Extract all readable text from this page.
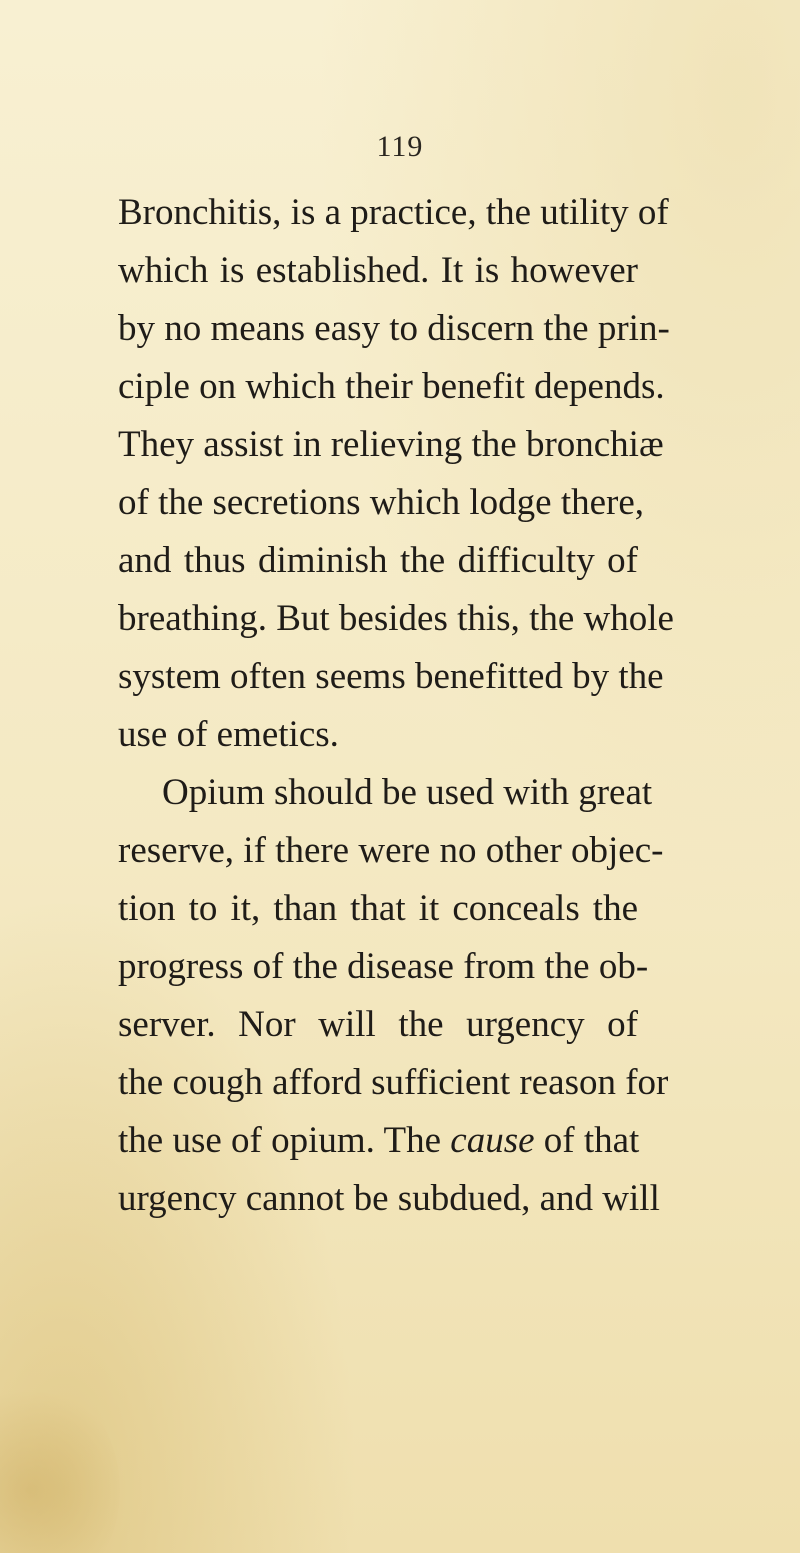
119
Bronchitis, is a practice, the utility of
which is established. It is however
by no means easy to discern the prin-
ciple on which their benefit depends.
They assist in relieving the bronchiæ
of the secretions which lodge there,
and thus diminish the difficulty of
breathing. But besides this, the whole
system often seems benefitted by the
use of emetics.
Opium should be used with great
reserve, if there were no other objec-
tion to it, than that it conceals the
progress of the disease from the ob-
server. Nor will the urgency of
the cough afford sufficient reason for
the use of opium. The cause of that
urgency cannot be subdued, and will
